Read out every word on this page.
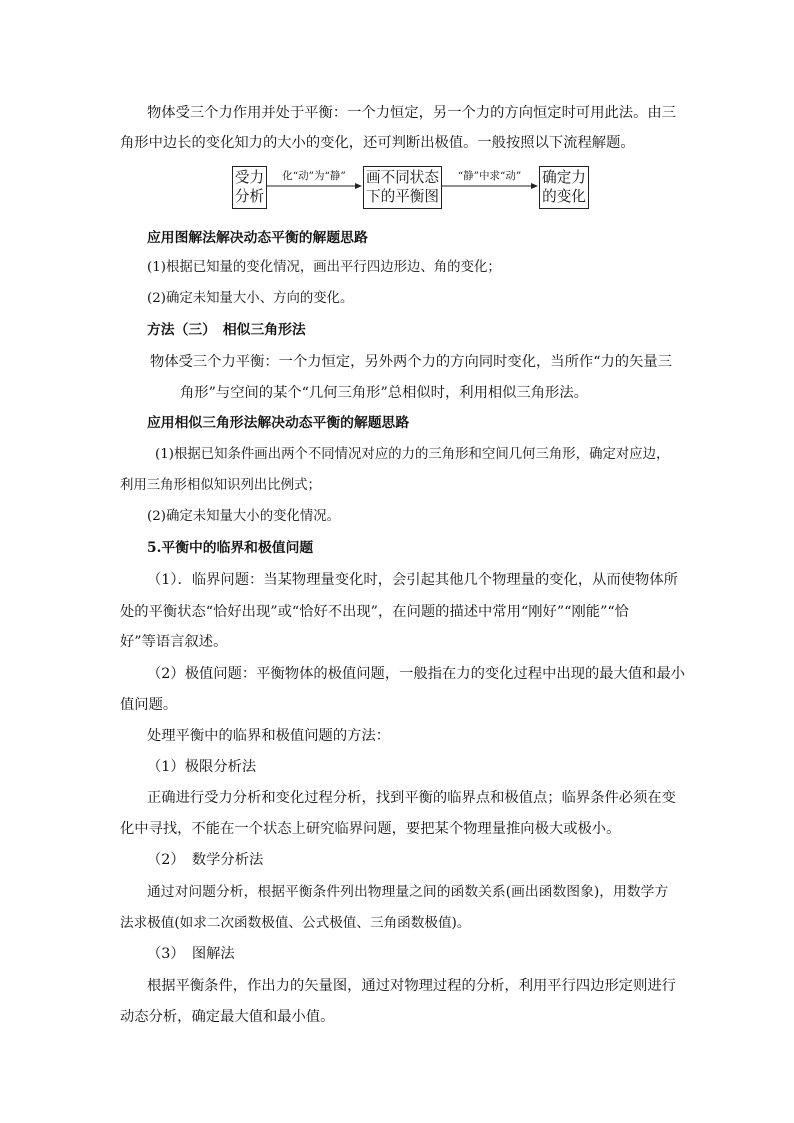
物体受三个力作用并处于平衡：一个力恒定，另一个力的方向恒定时可用此法。由三
角形中边长的变化知力的大小的变化，还可判断出极值。一般按照以下流程解题。
受力
分析
化“动”为“静”	画不同状态
下的平衡图
“静”中求“动”	确定力
的变化
应用图解法解决动态平衡的解题思路
(1)根据已知量的变化情况，画出平行四边形边、角的变化；
(2)确定未知量大小、方向的变化。
方法（三）　相似三角形法
物体受三个力平衡：一个力恒定，另外两个力的方向同时变化，当所作“力的矢量三
角形”与空间的某个“几何三角形”总相似时，利用相似三角形法。
应用相似三角形法解决动态平衡的解题思路
(1)根据已知条件画出两个不同情况对应的力的三角形和空间几何三角形，确定对应边，
利用三角形相似知识列出比例式；
(2)确定未知量大小的变化情况。
5.平衡中的临界和极值问题
（1）．临界问题：当某物理量变化时，会引起其他几个物理量的变化，从而使物体所
处的平衡状态“恰好出现”或“恰好不出现”，在问题的描述中常用“刚好”“刚能”“恰
好”等语言叙述。
（2）极值问题：平衡物体的极值问题，一般指在力的变化过程中出现的最大值和最小
值问题。
处理平衡中的临界和极值问题的方法：
（1）极限分析法
正确进行受力分析和变化过程分析，找到平衡的临界点和极值点；临界条件必须在变
化中寻找，不能在一个状态上研究临界问题，要把某个物理量推向极大或极小。
（2）　数学分析法
通过对问题分析，根据平衡条件列出物理量之间的函数关系(画出函数图象)，用数学方
法求极值(如求二次函数极值、公式极值、三角函数极值)。
（3）　图解法
根据平衡条件，作出力的矢量图，通过对物理过程的分析，利用平行四边形定则进行
动态分析，确定最大值和最小值。
